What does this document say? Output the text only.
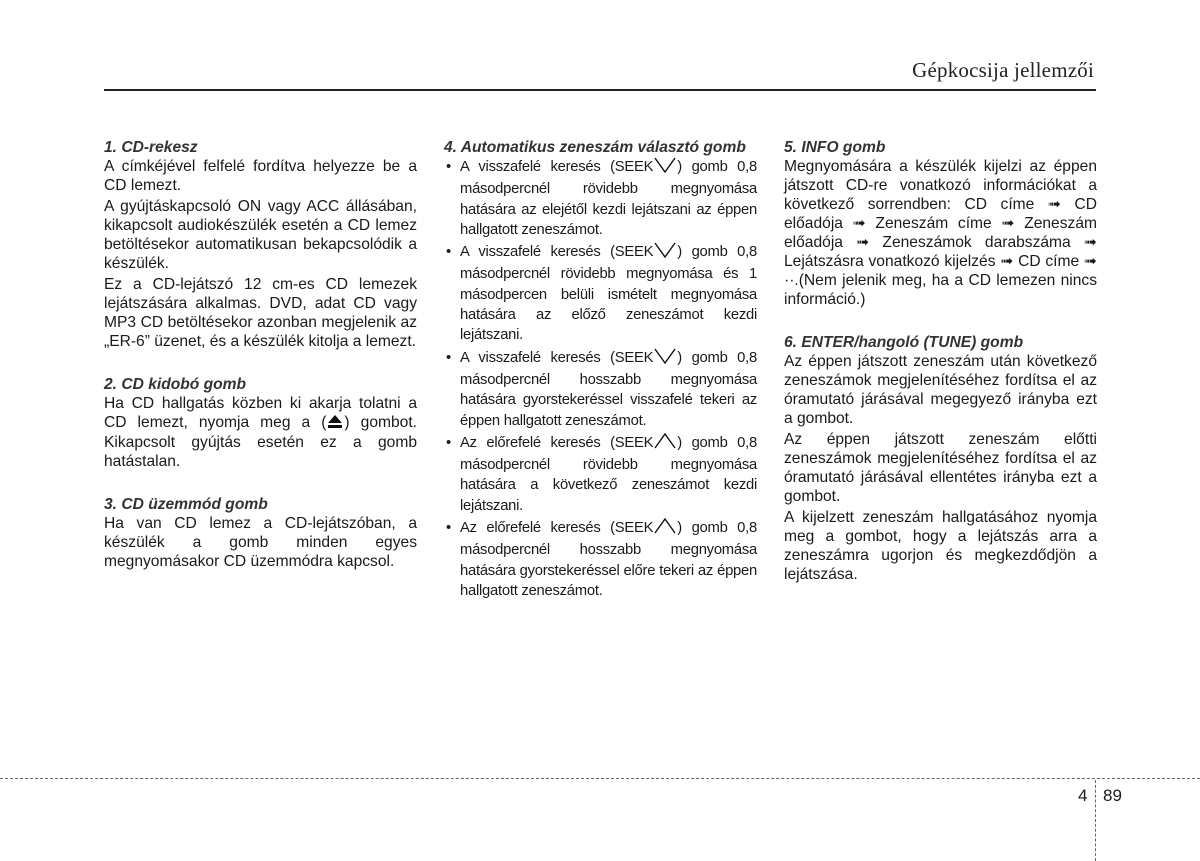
Gépkocsija jellemzői
1. CD-rekesz

A címkéjével felfelé fordítva helyezze be a CD lemezt.

A gyújtáskapcsoló ON vagy ACC állásában, kikapcsolt audiokészülék esetén a CD lemez betöltésekor automatikusan bekapcsolódik a készülék.

Ez a CD-lejátszó 12 cm-es CD lemezek lejátszására alkalmas. DVD, adat CD vagy MP3 CD betöltésekor azonban megjelenik az „ER-6” üzenet, és a készülék kitolja a lemezt.

2. CD kidobó gomb

Ha CD hallgatás közben ki akarja tolatni a CD lemezt, nyomja meg a ( ) gombot. Kikapcsolt gyújtás esetén ez a gomb hatástalan.

3. CD üzemmód gomb

Ha van CD lemez a CD-lejátszóban, a készülék a gomb minden egyes megnyomásakor CD üzemmódra kapcsol.

4. Automatikus zeneszám választó gomb
• A visszafelé keresés (SEEK ) gomb 0,8 másodpercnél rövidebb megnyomása hatására az elejétől kezdi lejátszani az éppen hallgatott zeneszámot.
• A visszafelé keresés (SEEK ) gomb 0,8 másodpercnél rövidebb megnyomása és 1 másodpercen belüli ismételt megnyomása hatására az előző zeneszámot kezdi lejátszani.
• A visszafelé keresés (SEEK ) gomb 0,8 másodpercnél hosszabb megnyomása hatására gyorstekeréssel visszafelé tekeri az éppen hallgatott zeneszámot.
• Az előrefelé keresés (SEEK ) gomb 0,8 másodpercnél rövidebb megnyomása hatására a következő zeneszámot kezdi lejátszani.
• Az előrefelé keresés (SEEK ) gomb 0,8 másodpercnél hosszabb megnyomása hatására gyorstekeréssel előre tekeri az éppen hallgatott zeneszámot.
5. INFO gomb

Megnyomására a készülék kijelzi az éppen játszott CD-re vonatkozó információkat a következő sorrendben: CD címe ➟ CD előadója ➟ Zeneszám címe ➟ Zeneszám előadója ➟ Zeneszámok darabszáma ➟ Lejátszásra vonatkozó kijelzés ➟ CD címe ➟ ··.(Nem jelenik meg, ha a CD lemezen nincs információ.)

6. ENTER/hangoló (TUNE) gomb

Az éppen játszott zeneszám után következő zeneszámok megjelenítéséhez fordítsa el az óramutató járásával megegyező irányba ezt a gombot.

Az éppen játszott zeneszám előtti zeneszámok megjelenítéséhez fordítsa el az óramutató járásával ellentétes irányba ezt a gombot.

A kijelzett zeneszám hallgatásához nyomja meg a gombot, hogy a lejátszás arra a zeneszámra ugorjon és megkezdődjön a lejátszása.

4 89
